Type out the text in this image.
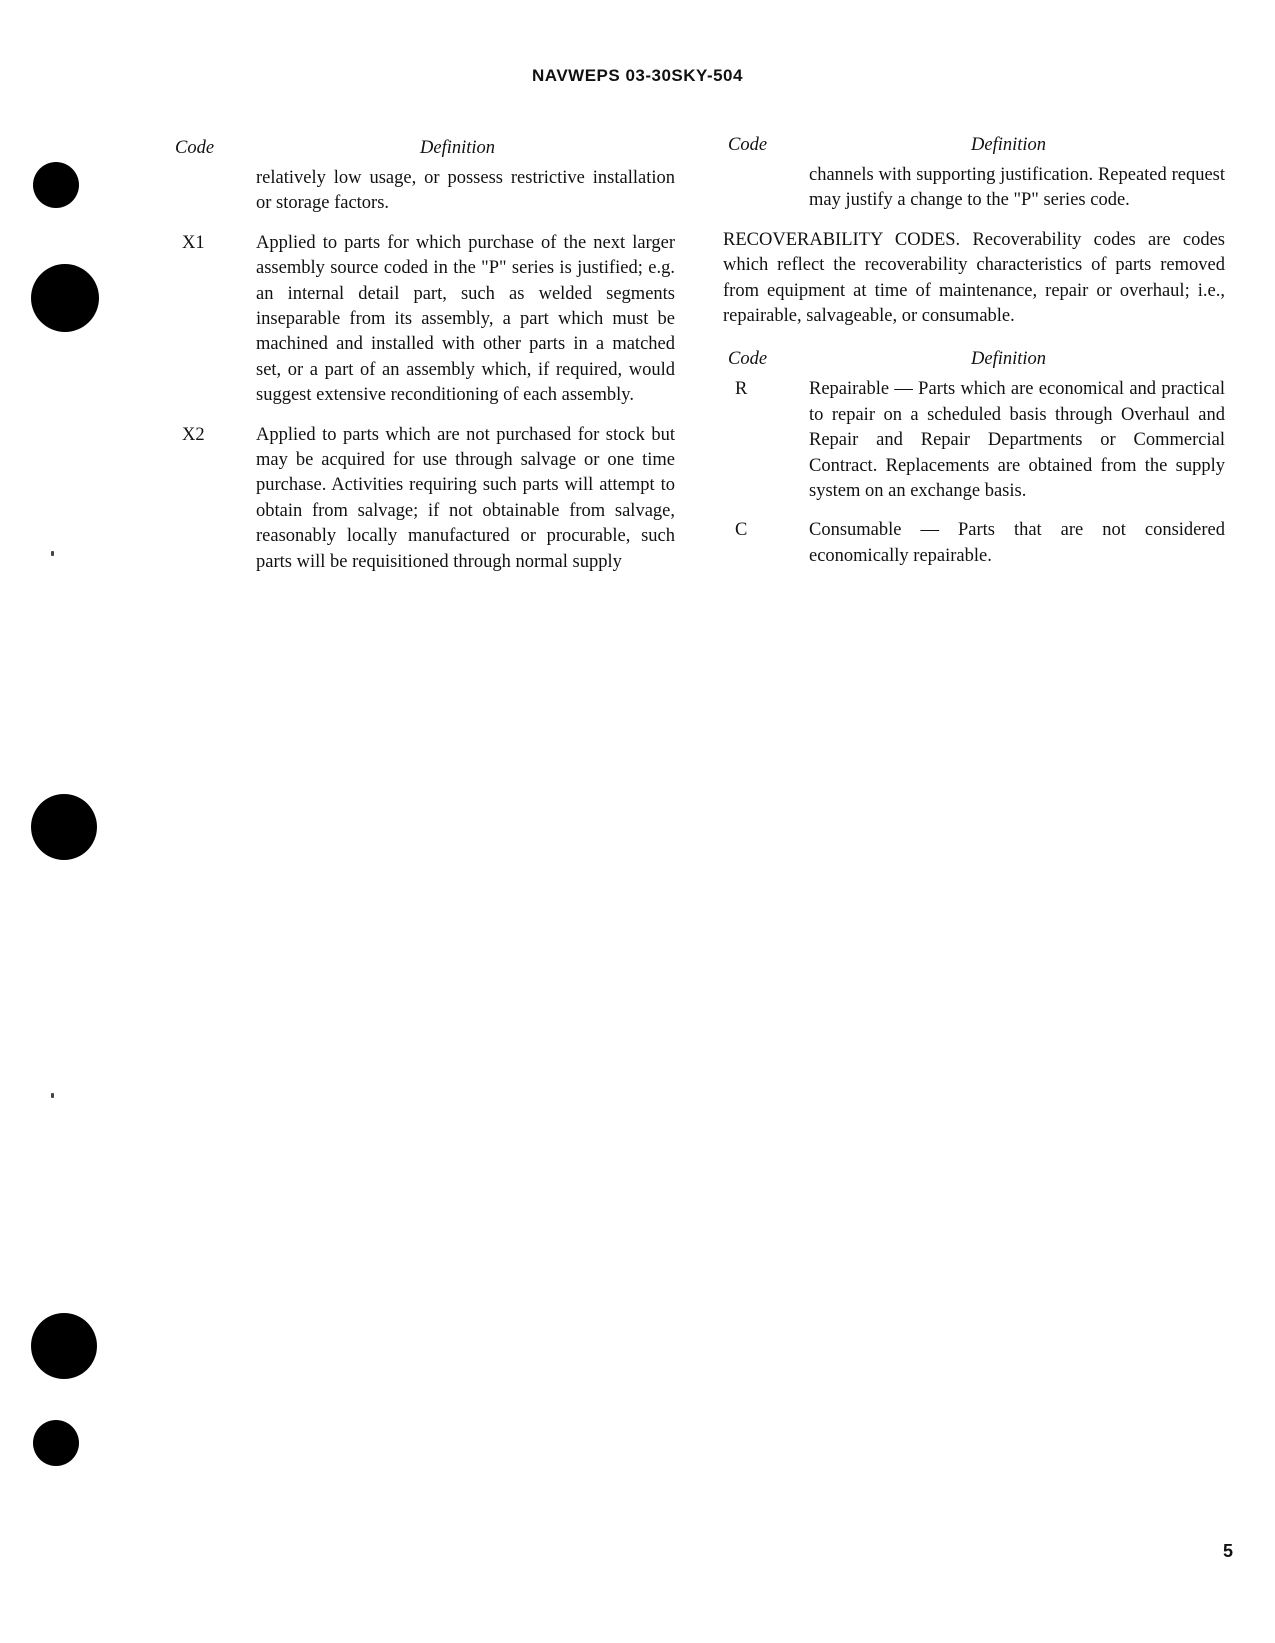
NAVWEPS 03-30SKY-504
Code	Definition
relatively low usage, or possess restrictive installation or storage factors.
X1	Applied to parts for which purchase of the next larger assembly source coded in the "P" series is justified; e.g. an internal detail part, such as welded segments inseparable from its assembly, a part which must be machined and installed with other parts in a matched set, or a part of an assembly which, if required, would suggest extensive reconditioning of each assembly.
X2	Applied to parts which are not purchased for stock but may be acquired for use through salvage or one time purchase. Activities requiring such parts will attempt to obtain from salvage; if not obtainable from salvage, reasonably locally manufactured or procurable, such parts will be requisitioned through normal supply
Code	Definition
channels with supporting justification. Repeated request may justify a change to the "P" series code.
RECOVERABILITY CODES. Recoverability codes are codes which reflect the recoverability characteristics of parts removed from equipment at time of maintenance, repair or overhaul; i.e., repairable, salvageable, or consumable.
Code	Definition
R	Repairable — Parts which are economical and practical to repair on a scheduled basis through Overhaul and Repair and Repair Departments or Commercial Contract. Replacements are obtained from the supply system on an exchange basis.
C	Consumable — Parts that are not considered economically repairable.
5
